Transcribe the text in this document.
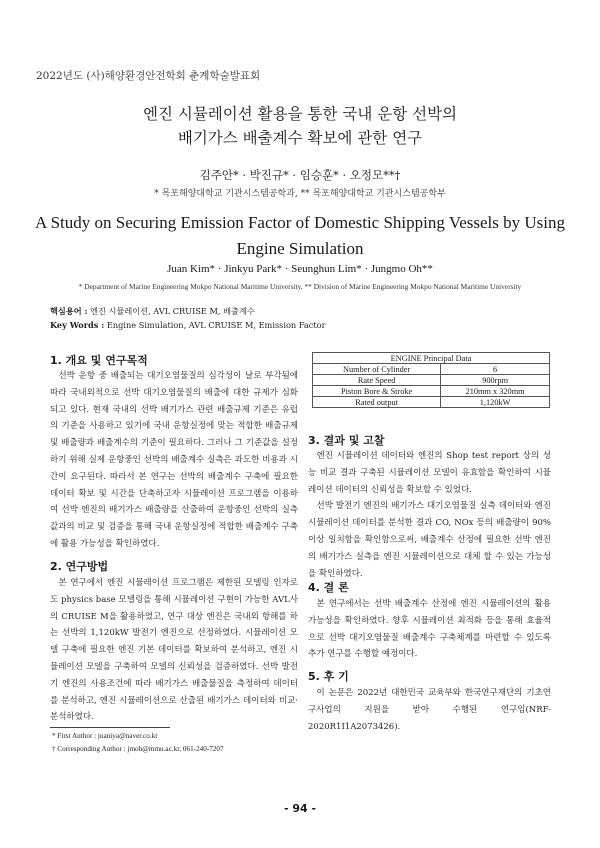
2022년도 (사)해양환경안전학회 춘계학술발표회
엔진 시뮬레이션 활용을 통한 국내 운항 선박의
배기가스 배출계수 확보에 관한 연구
김주안* · 박진규* · 임승훈* · 오정모**†
* 목포해양대학교 기관시스템공학과, ** 목포해양대학교 기관시스템공학부
A Study on Securing Emission Factor of Domestic Shipping Vessels by Using
Engine Simulation
Juan Kim* · Jinkyu Park* · Seunghun Lim* · Jungmo Oh**
* Department of Marine Engineering Mokpo National Maritime University, ** Division of Marine Engineering Mokpo National Maritime University
핵심용어 : 엔진 시뮬레이션, AVL CRUISE M, 배출계수
Key Words : Engine Simulation, AVL CRUISE M, Emission Factor
1. 개요 및 연구목적

선박 운항 중 배출되는 대기오염물질의 심각성이 날로 부각됨에 따라 국내외적으로 선박 대기오염물질의 배출에 대한 규제가 심화되고 있다. 현재 국내의 선박 배기가스 관련 배출규제 기준은 유럽의 기준을 사용하고 있기에 국내 운항실정에 맞는 적합한 배출규제 및 배출량과 배출계수의 기준이 필요하다. 그러나 그 기준값을 설정하기 위해 실제 운항중인 선박의 배출계수 실측은 과도한 비용과 시간이 요구된다. 따라서 본 연구는 선박의 배출계수 구축에 필요한 데이터 확보 및 시간을 단축하고자 시뮬레이션 프로그램을 이용하여 선박 엔진의 배기가스 배출량을 산출하여 운항중인 선박의 실측값과의 비교 및 검증을 통해 국내 운항실정에 적합한 배출계수 구축에 활용 가능성을 확인하였다.

2. 연구방법

본 연구에서 엔진 시뮬레이션 프로그램은 제한된 모델링 인자로도 physics base 모델링을 통해 시뮬레이션 구현이 가능한 AVL사의 CRUISE M을 활용하였고, 연구 대상 엔진은 국내외 항해를 하는 선박의 1,120kW 발전기 엔진으로 선정하였다. 시뮬레이션 모델 구축에 필요한 엔진 기본 데이터를 확보하여 분석하고, 엔진 시뮬레이션 모델을 구축하여 모델의 신뢰성을 검증하였다. 선박 발전기 엔진의 사용조건에 따라 배기가스 배출물질을 측정하여 데이터를 분석하고, 엔진 시뮬레이션으로 산출된 배기가스 데이터와 비교·분석하였다.

ENGINE Principal Data	
Number of Cylinder	6
Rate Speed	900rpm
Piston Bore & Stroke	210mm x 320mm
Rated output	1,120kW
3. 결과 및 고찰

엔진 시뮬레이션 데이터와 엔진의 Shop test report 상의 성능 비교 결과 구축된 시뮬레이션 모델이 유효함을 확인하여 시뮬레이션 데이터의 신뢰성을 확보할 수 있었다.

선박 발전기 엔진의 배기가스 대기오염물질 실측 데이터와 엔진 시뮬레이션 데이터를 분석한 결과 CO, NOx 등의 배출량이 90% 이상 일치함을 확인함으로써, 배출계수 산정에 필요한 선박 엔진의 배기가스 실측을 엔진 시뮬레이션으로 대체 할 수 있는 가능성을 확인하였다.

4. 결 론

본 연구에서는 선박 배출계수 산정에 엔진 시뮬레이션의 활용 가능성을 확인하였다. 향후 시뮬레이션 최적화 등을 통해 효율적으로 선박 대기오염물질 배출계수 구축체계를 마련할 수 있도록 추가 연구를 수행할 예정이다.

5. 후 기

이 논문은 2022년 대한민국 교육부와 한국연구재단의 기초연구사업의 지원을 받아 수행된 연구임(NRF-2020R1I1A2073426).

* First Author : juaniya@naver.co.kr
† Corresponding Author : jmoh@mmu.ac.kr, 061-240-7207
- 94 -
